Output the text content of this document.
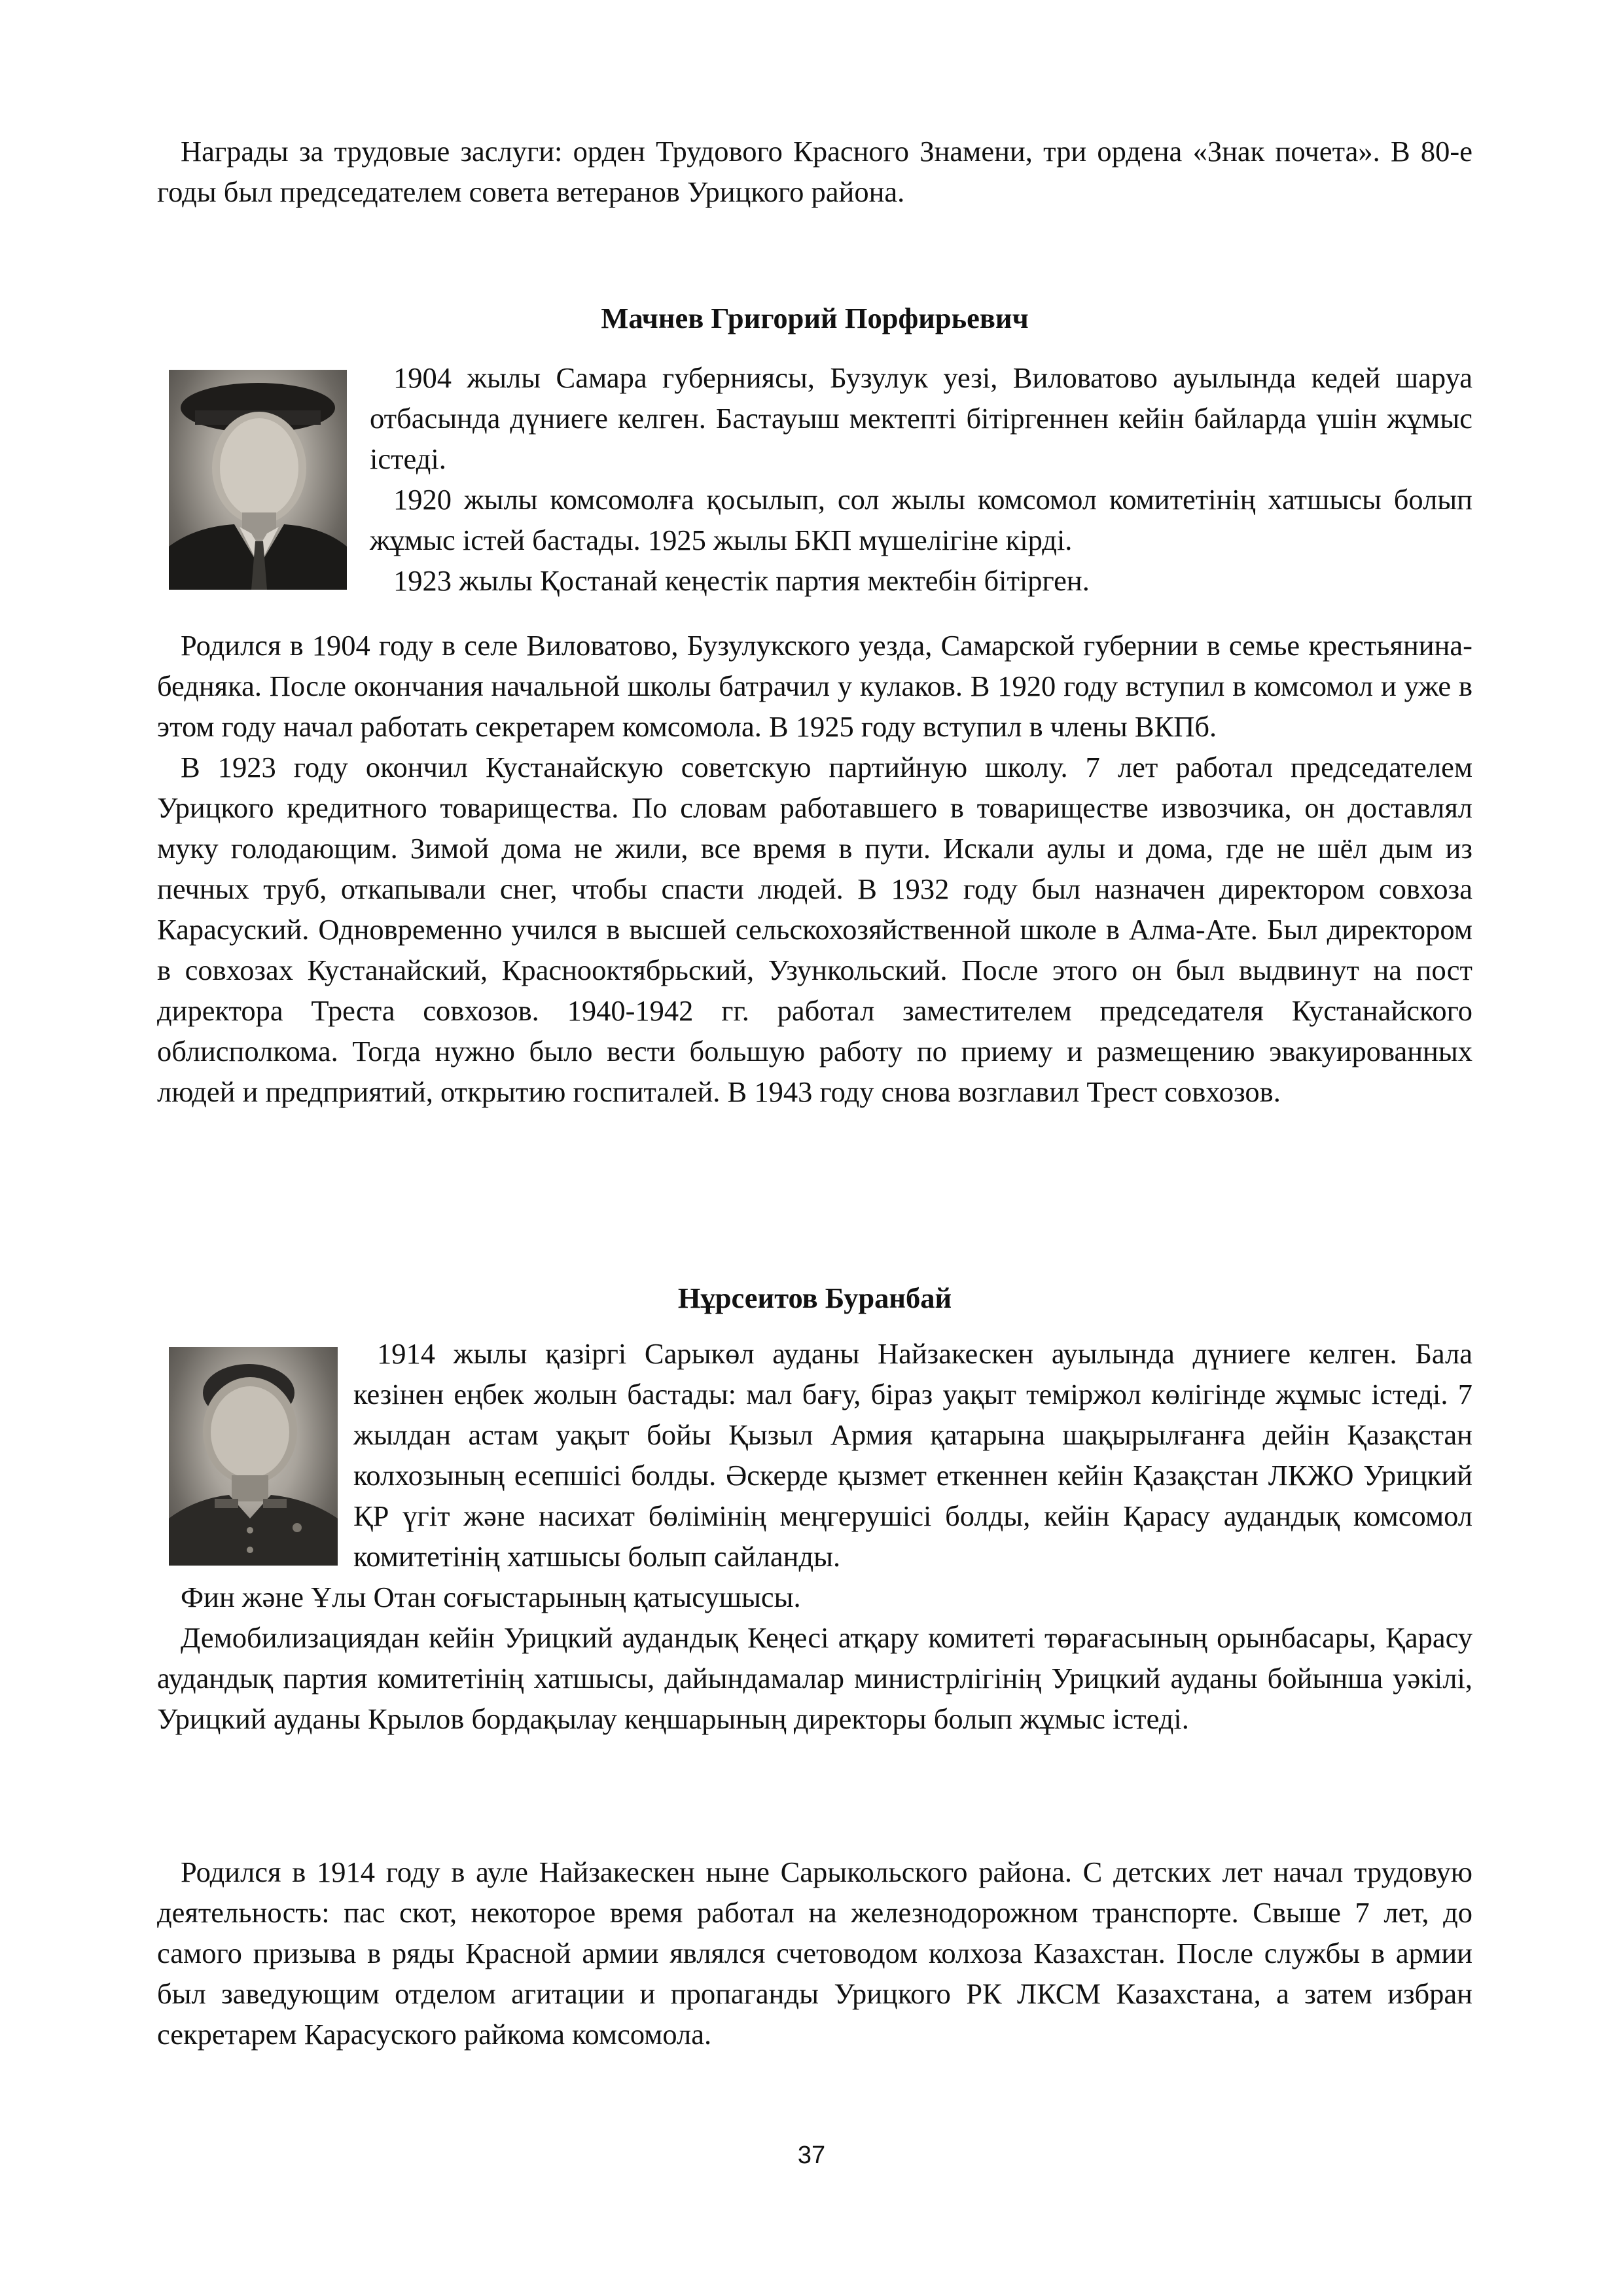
Награды за трудовые заслуги: орден Трудового Красного Знамени, три ордена «Знак почета». В 80-е годы был председателем совета ветеранов Урицкого района.

Мачнев Григорий Порфирьевич

1904 жылы Самара губерниясы, Бузулук уезі, Виловатово ауылында кедей шаруа отбасында дүниеге келген. Бастауыш мектепті бітіргеннен кейін байларда үшін жұмыс істеді.

1920 жылы комсомолға қосылып, сол жылы комсомол комитетінің хатшысы болып жұмыс істей бастады. 1925 жылы БКП мүшелігіне кірді.

1923 жылы Қостанай кеңестік партия мектебін бітірген.

Родился в 1904 году в селе Виловатово, Бузулукского уезда, Самарской губернии в семье крестьянина-бедняка. После окончания начальной школы батрачил у кулаков. В 1920 году вступил в комсомол и уже в этом году начал работать секретарем комсомола. В 1925 году вступил в члены ВКПб.

В 1923 году окончил Кустанайскую советскую партийную школу. 7 лет работал председателем Урицкого кредитного товарищества. По словам работавшего в товариществе извозчика, он доставлял муку голодающим. Зимой дома не жили, все время в пути. Искали аулы и дома, где не шёл дым из печных труб, откапывали снег, чтобы спасти людей. В 1932 году был назначен директором совхоза Карасуский. Одновременно учился в высшей сельскохозяйственной школе в Алма-Ате. Был директором в совхозах Кустанайский, Краснооктябрьский, Узункольский. После этого он был выдвинут на пост директора Треста совхозов. 1940-1942 гг. работал заместителем председателя Кустанайского облисполкома. Тогда нужно было вести большую работу по приему и размещению эвакуированных людей и предприятий, открытию госпиталей. В 1943 году снова возглавил Трест совхозов.

Нұрсеитов Буранбай

1914 жылы қазіргі Сарыкөл ауданы Найзакескен ауылында дүниеге келген. Бала кезінен еңбек жолын бастады: мал бағу, біраз уақыт теміржол көлігінде жұмыс істеді. 7 жылдан астам уақыт бойы Қызыл Армия қатарына шақырылғанға дейін Қазақстан колхозының есепшісі болды. Әскерде қызмет еткеннен кейін Қазақстан ЛКЖО Урицкий ҚР үгіт және насихат бөлімінің меңгерушісі болды, кейін Қарасу аудандық комсомол комитетінің хатшысы болып сайланды.

Фин және Ұлы Отан соғыстарының қатысушысы.

Демобилизациядан кейін Урицкий аудандық Кеңесі атқару комитеті төрағасының орынбасары, Қарасу аудандық партия комитетінің хатшысы, дайындамалар министрлігінің Урицкий ауданы бойынша уәкілі, Урицкий ауданы Крылов бордақылау кеңшарының директоры болып жұмыс істеді.

Родился в 1914 году в ауле Найзакескен ныне Сарыкольского района. С детских лет начал трудовую деятельность: пас скот, некоторое время работал на железнодорожном транспорте. Свыше 7 лет, до самого призыва в ряды Красной армии являлся счетоводом колхоза Казахстан. После службы в армии был заведующим отделом агитации и пропаганды Урицкого РК ЛКСМ Казахстана, а затем избран секретарем Карасуского райкома комсомола.

37
